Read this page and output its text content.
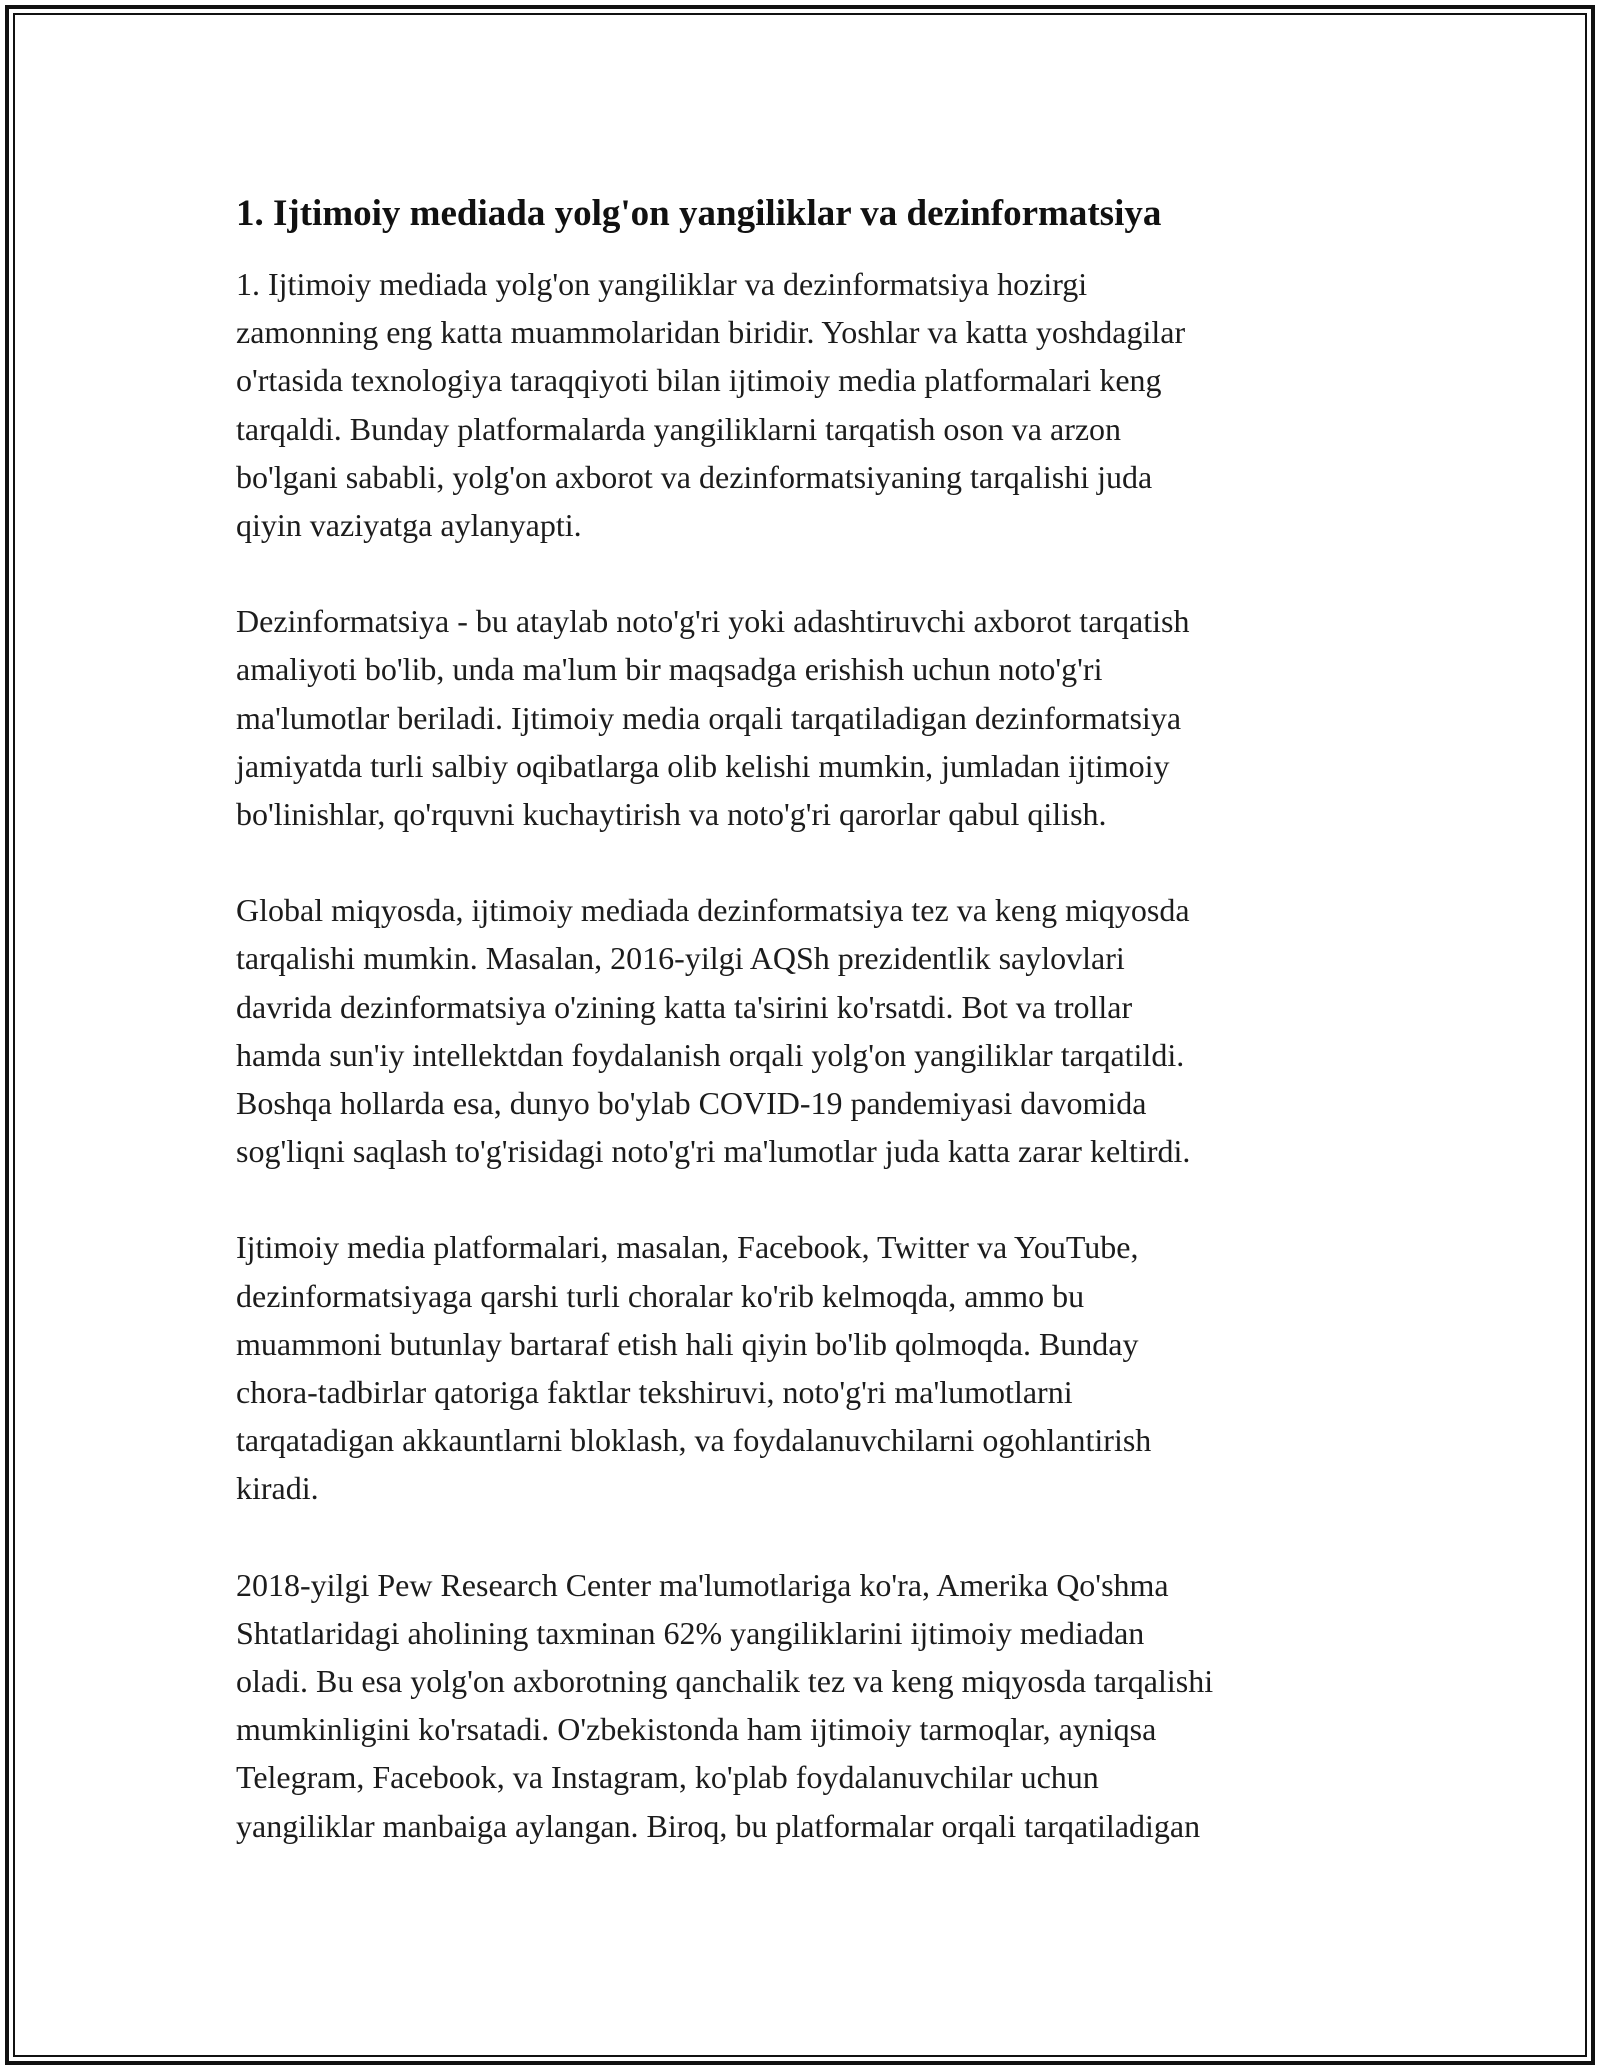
1. Ijtimoiy mediada yolg'on yangiliklar va dezinformatsiya

1. Ijtimoiy mediada yolg'on yangiliklar va dezinformatsiya hozirgi
zamonning eng katta muammolaridan biridir. Yoshlar va katta yoshdagilar
o'rtasida texnologiya taraqqiyoti bilan ijtimoiy media platformalari keng
tarqaldi. Bunday platformalarda yangiliklarni tarqatish oson va arzon
bo'lgani sababli, yolg'on axborot va dezinformatsiyaning tarqalishi juda
qiyin vaziyatga aylanyapti.

Dezinformatsiya - bu ataylab noto'g'ri yoki adashtiruvchi axborot tarqatish
amaliyoti bo'lib, unda ma'lum bir maqsadga erishish uchun noto'g'ri
ma'lumotlar beriladi. Ijtimoiy media orqali tarqatiladigan dezinformatsiya
jamiyatda turli salbiy oqibatlarga olib kelishi mumkin, jumladan ijtimoiy
bo'linishlar, qo'rquvni kuchaytirish va noto'g'ri qarorlar qabul qilish.

Global miqyosda, ijtimoiy mediada dezinformatsiya tez va keng miqyosda
tarqalishi mumkin. Masalan, 2016-yilgi AQSh prezidentlik saylovlari
davrida dezinformatsiya o'zining katta ta'sirini ko'rsatdi. Bot va trollar
hamda sun'iy intellektdan foydalanish orqali yolg'on yangiliklar tarqatildi.
Boshqa hollarda esa, dunyo bo'ylab COVID-19 pandemiyasi davomida
sog'liqni saqlash to'g'risidagi noto'g'ri ma'lumotlar juda katta zarar keltirdi.

Ijtimoiy media platformalari, masalan, Facebook, Twitter va YouTube,
dezinformatsiyaga qarshi turli choralar ko'rib kelmoqda, ammo bu
muammoni butunlay bartaraf etish hali qiyin bo'lib qolmoqda. Bunday
chora-tadbirlar qatoriga faktlar tekshiruvi, noto'g'ri ma'lumotlarni
tarqatadigan akkauntlarni bloklash, va foydalanuvchilarni ogohlantirish
kiradi.

2018-yilgi Pew Research Center ma'lumotlariga ko'ra, Amerika Qo'shma
Shtatlaridagi aholining taxminan 62% yangiliklarini ijtimoiy mediadan
oladi. Bu esa yolg'on axborotning qanchalik tez va keng miqyosda tarqalishi
mumkinligini ko'rsatadi. O'zbekistonda ham ijtimoiy tarmoqlar, ayniqsa
Telegram, Facebook, va Instagram, ko'plab foydalanuvchilar uchun
yangiliklar manbaiga aylangan. Biroq, bu platformalar orqali tarqatiladigan
